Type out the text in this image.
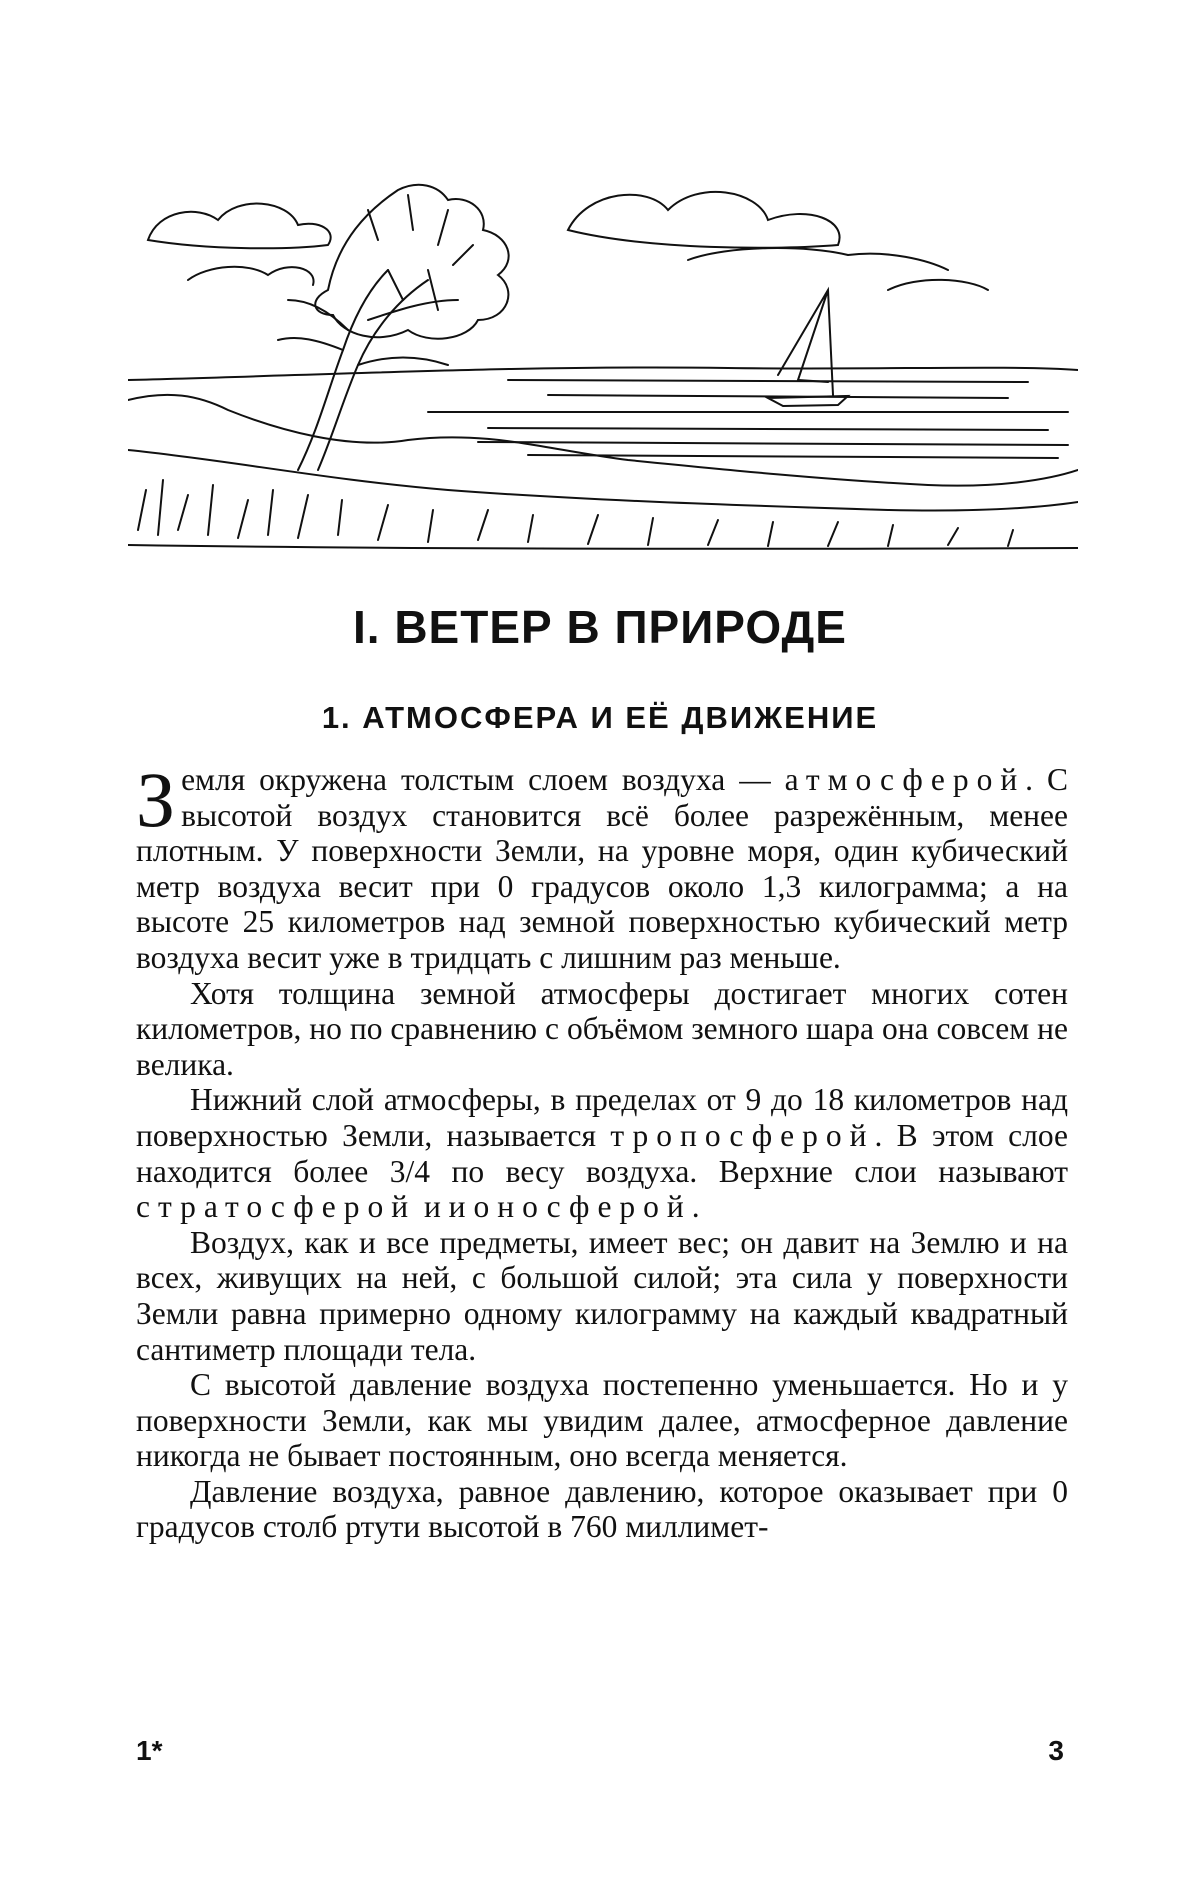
I. ВЕТЕР В ПРИРОДЕ
1. АТМОСФЕРА И ЕЁ ДВИЖЕНИЕ

Земля окружена толстым слоем воздуха — атмосферой. С высотой воздух становится всё более разрежённым, менее плотным. У поверхности Земли, на уровне моря, один кубический метр воздуха весит при 0 градусов около 1,3 килограмма; а на высоте 25 километров над земной поверхностью кубический метр воздуха весит уже в тридцать с лишним раз меньше.

Хотя толщина земной атмосферы достигает многих сотен километров, но по сравнению с объёмом земного шара она совсем не велика.

Нижний слой атмосферы, в пределах от 9 до 18 километров над поверхностью Земли, называется тропосферой. В этом слое находится более 3/4 по весу воздуха. Верхние слои называют стратосферой и ионосферой.

Воздух, как и все предметы, имеет вес; он давит на Землю и на всех, живущих на ней, с большой силой; эта сила у поверхности Земли равна примерно одному килограмму на каждый квадратный сантиметр площади тела.

С высотой давление воздуха постепенно уменьшается. Но и у поверхности Земли, как мы увидим далее, атмосферное давление никогда не бывает постоянным, оно всегда меняется.

Давление воздуха, равное давлению, которое оказывает при 0 градусов столб ртути высотой в 760 миллимет-

1*	3
